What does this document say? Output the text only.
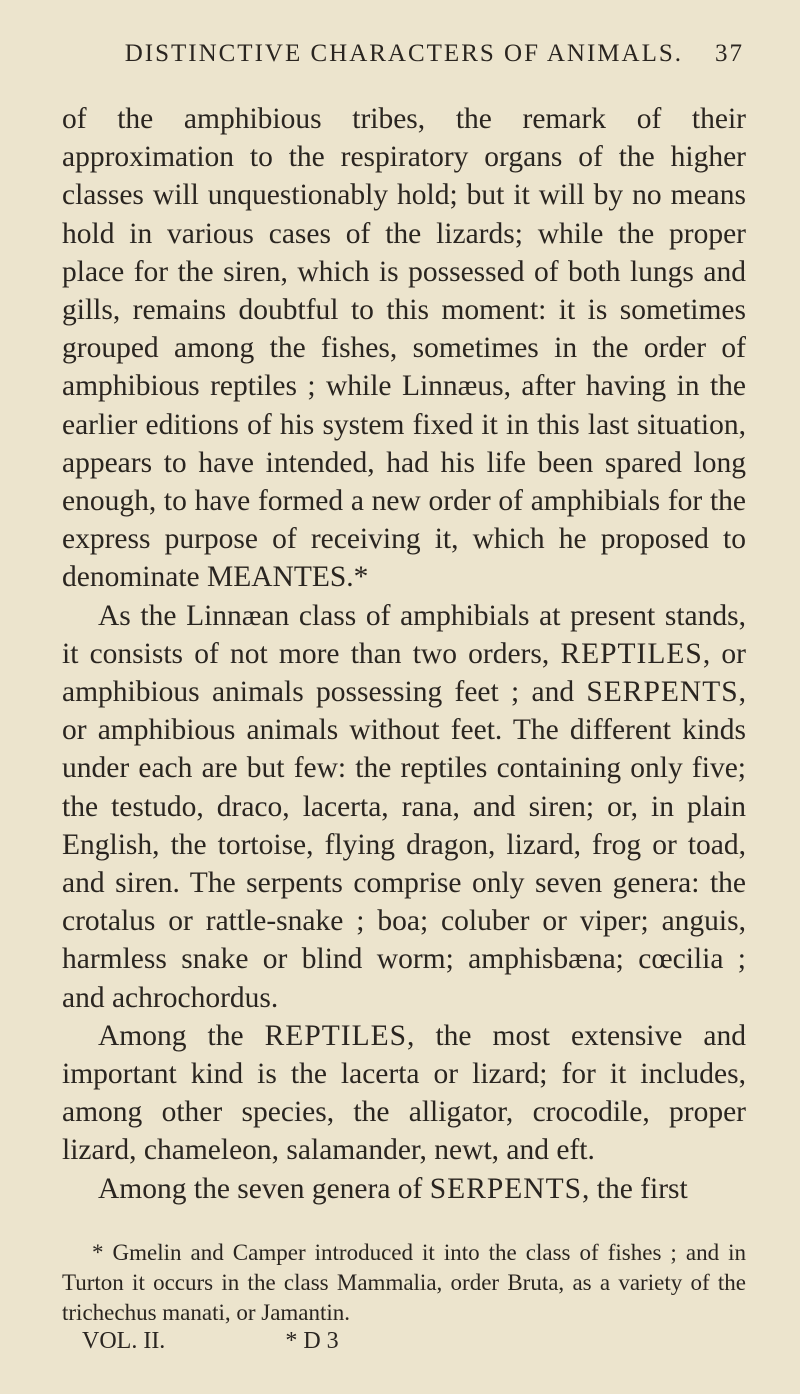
DISTINCTIVE CHARACTERS OF ANIMALS. 37

of the amphibious tribes, the remark of their approximation to the respiratory organs of the higher classes will unquestionably hold; but it will by no means hold in various cases of the lizards; while the proper place for the siren, which is possessed of both lungs and gills, remains doubtful to this moment: it is sometimes grouped among the fishes, sometimes in the order of amphibious reptiles ; while Linnæus, after having in the earlier editions of his system fixed it in this last situation, appears to have intended, had his life been spared long enough, to have formed a new order of amphibials for the express purpose of receiving it, which he proposed to denominate MEANTES.*

As the Linnæan class of amphibials at present stands, it consists of not more than two orders, REPTILES, or amphibious animals possessing feet ; and SERPENTS, or amphibious animals without feet. The different kinds under each are but few: the reptiles containing only five; the testudo, draco, lacerta, rana, and siren; or, in plain English, the tortoise, flying dragon, lizard, frog or toad, and siren. The serpents comprise only seven genera: the crotalus or rattle-snake ; boa; coluber or viper; anguis, harmless snake or blind worm; amphisbæna; cœcilia ; and achrochordus.

Among the REPTILES, the most extensive and important kind is the lacerta or lizard; for it includes, among other species, the alligator, crocodile, proper lizard, chameleon, salamander, newt, and eft.

Among the seven genera of SERPENTS, the first

* Gmelin and Camper introduced it into the class of fishes ; and in Turton it occurs in the class Mammalia, order Bruta, as a variety of the trichechus manati, or Jamantin.

VOL. II.	* D 3
